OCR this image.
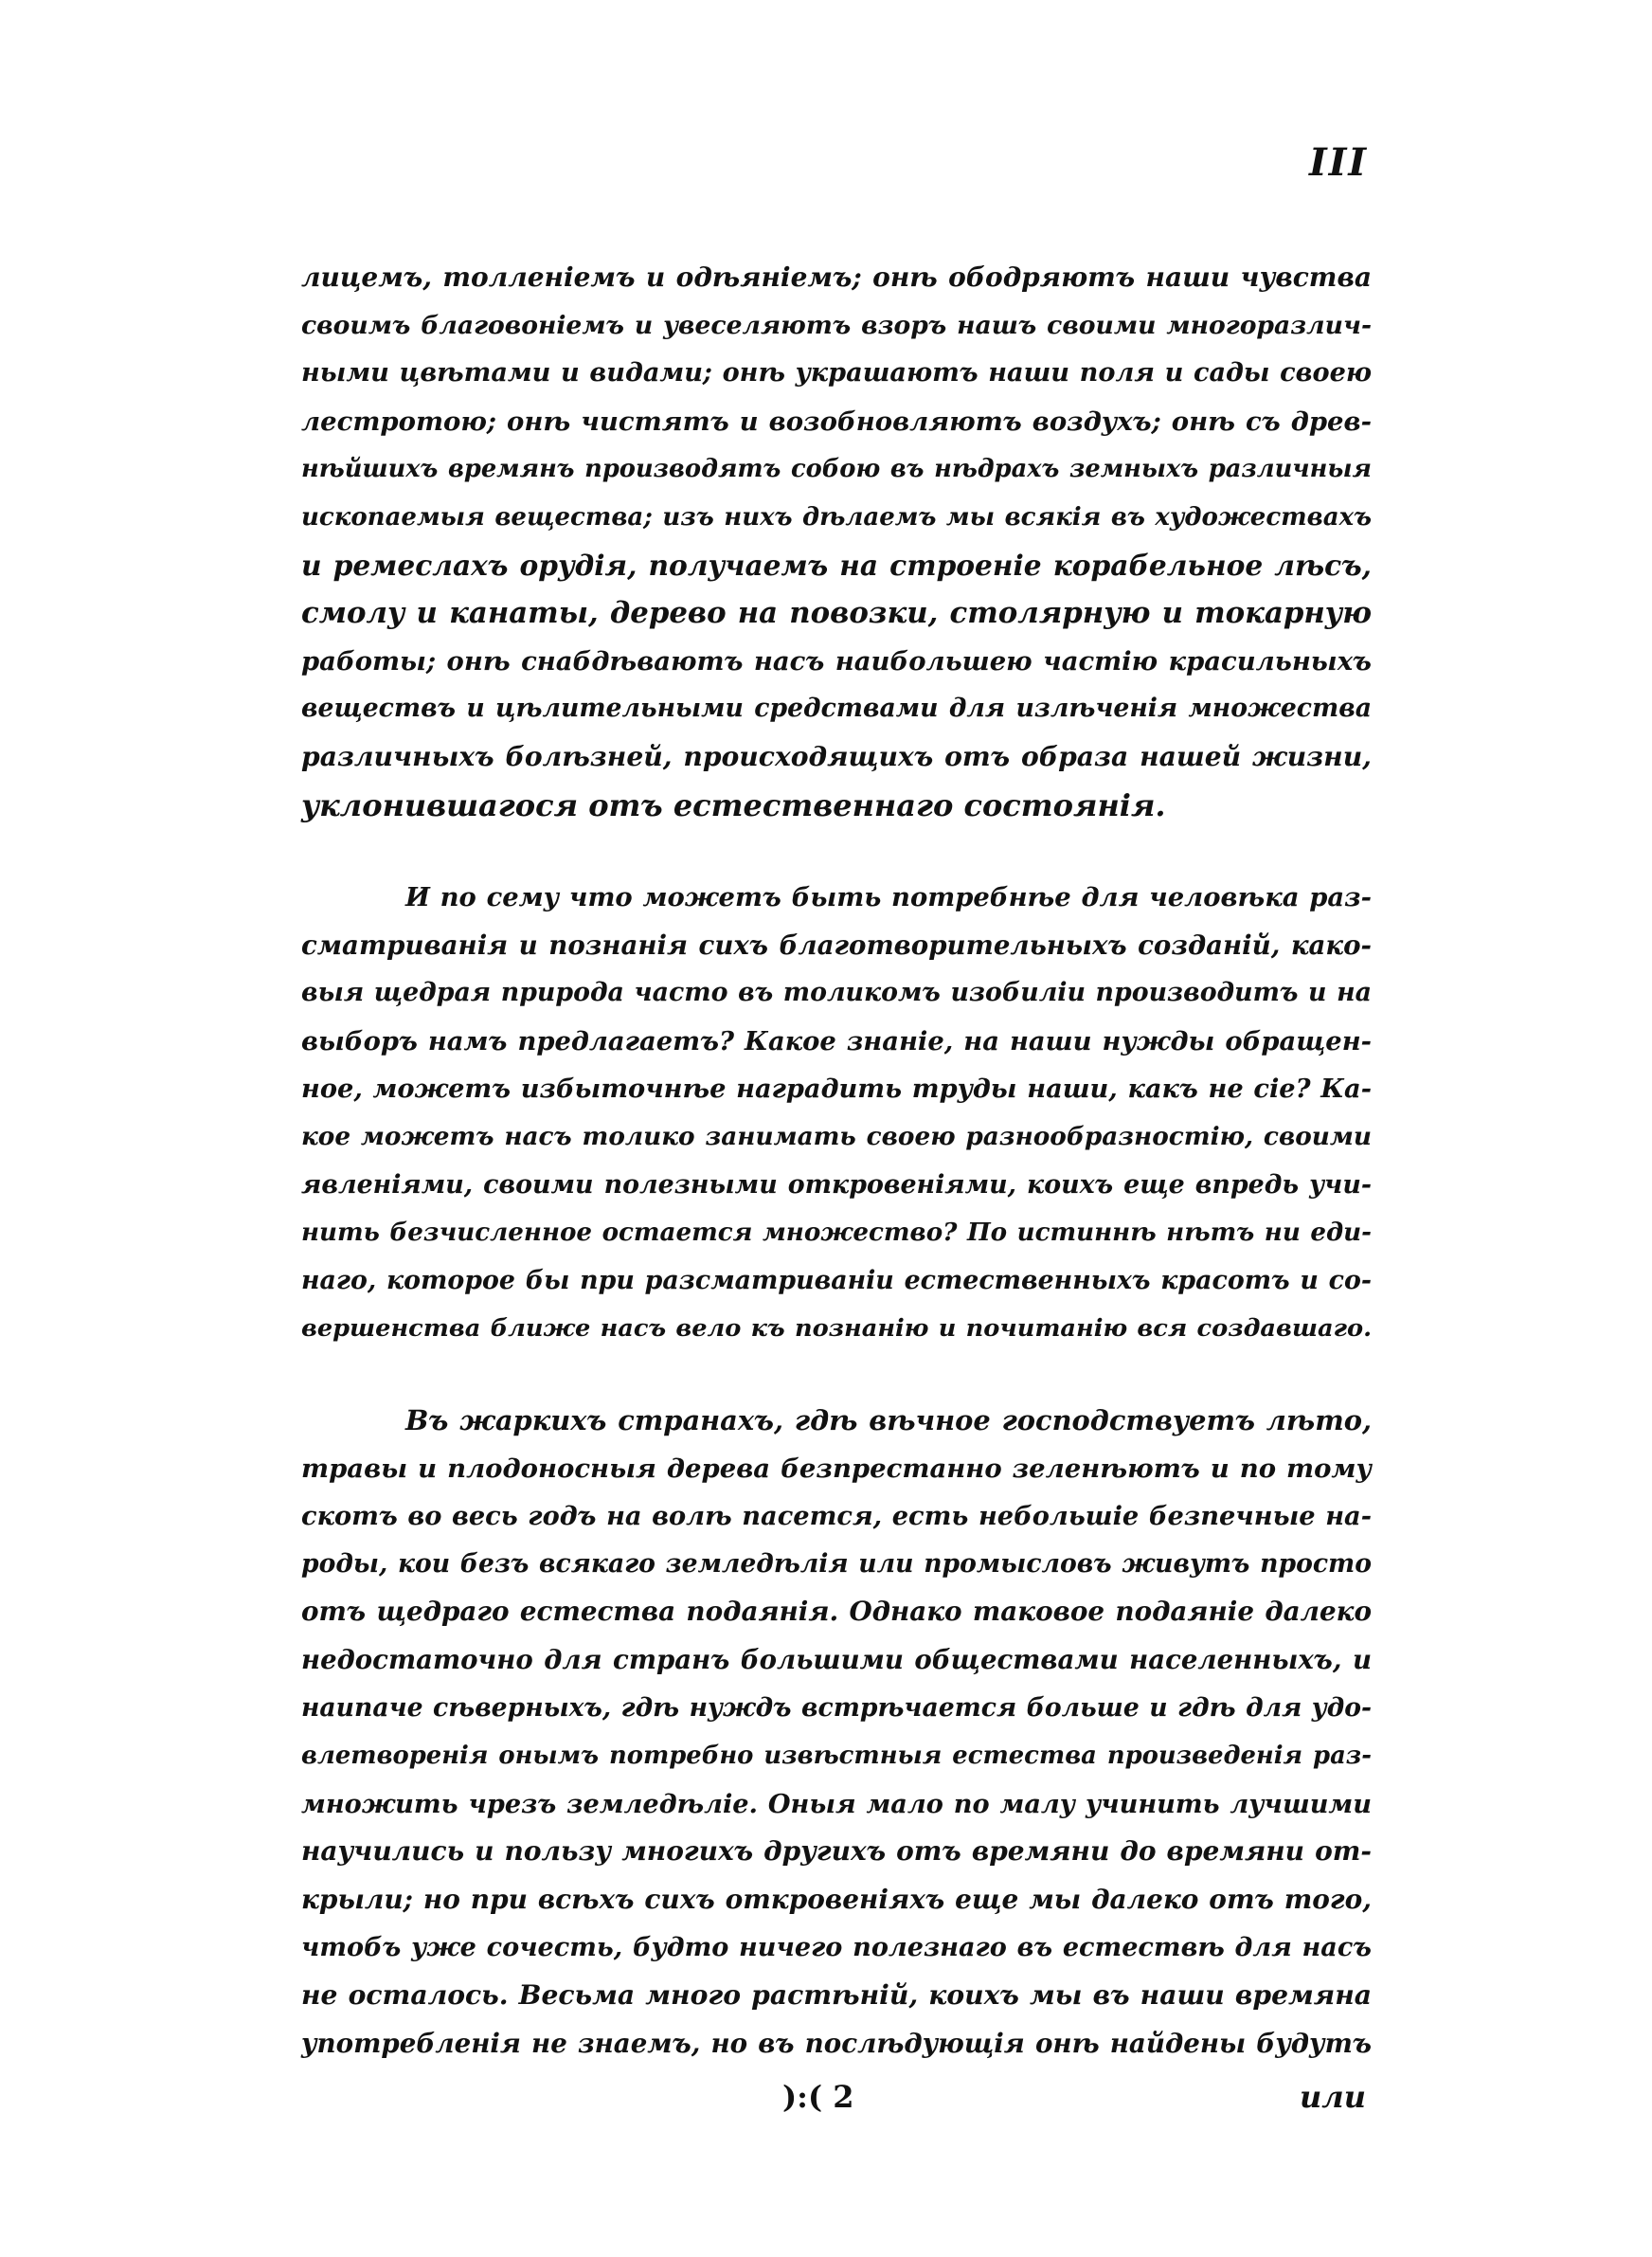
III
лицемъ, толленіемъ и одѣяніемъ; онѣ ободряютъ наши чувства
своимъ благовоніемъ и увеселяютъ взоръ нашъ своими многоразлич-
ными цвѣтами и видами; онѣ украшаютъ наши поля и сады своею
лестротою; онѣ чистятъ и возобновляютъ воздухъ; онѣ съ древ-
нѣйшихъ времянъ производятъ собою въ нѣдрахъ земныхъ различныя
ископаемыя вещества; изъ нихъ дѣлаемъ мы всякія въ художествахъ
и ремеслахъ орудія, получаемъ на строеніе корабельное лѣсъ,
смолу и канаты, дерево на повозки, столярную и токарную
работы; онѣ снабдѣваютъ насъ наибольшею частію красильныхъ
веществъ и цѣлительными средствами для излѣченія множества
различныхъ болѣзней, происходящихъ отъ образа нашей жизни,
уклонившагося отъ естественнаго состоянія.
И по сему что можетъ быть потребнѣе для человѣка рaз-
сматриванія и познанія сихъ благотворительныхъ созданій, како-
выя щедрая природа часто въ толикомъ изобиліи производитъ и на
выборъ намъ предлагаетъ? Какое знаніе, на наши нужды обращен-
ное, можетъ избыточнѣе наградить труды наши, какъ не сіе? Ка-
кое можетъ насъ толико занимать своею разнообразностію, своими
явленіями, своими полезными откровеніями, коихъ еще впредь учи-
нить безчисленное остается множество? По истиннѣ нѣтъ ни еди-
наго, которое бы при разсматриваніи естественныхъ красотъ и со-
вершенства ближе насъ вело къ познанію и почитанію вся создавшаго.
Въ жаркихъ странахъ, гдѣ вѣчное господствуетъ лѣто,
травы и плодоносныя дерева безпрестанно зеленѣютъ и по тому
скотъ во весь годъ на волѣ пасется, есть небольшіе безпечные на-
роды, кои безъ всякаго земледѣлія или промысловъ живутъ просто
отъ щедраго естества подаянія. Однако таковое подаяніе далеко
недостаточно для странъ большими обществами населенныхъ, и
наипаче сѣверныхъ, гдѣ нуждъ встрѣчается больше и гдѣ для удо-
влетворенія онымъ потребно извѣстныя естества произведенія раз-
множить чрезъ земледѣліе. Оныя мало по малу учинить лучшими
научились и пользу многихъ другихъ отъ времяни до времяни от-
крыли; но при всѣхъ сихъ откровеніяхъ еще мы далеко отъ того,
чтобъ уже сочесть, будто ничего полезнаго въ естествѣ для насъ
не осталось. Весьма много растѣній, коихъ мы въ наши времяна
употребленія не знаемъ, но въ послѣдующія онѣ найдены будутъ
):( 2	или
